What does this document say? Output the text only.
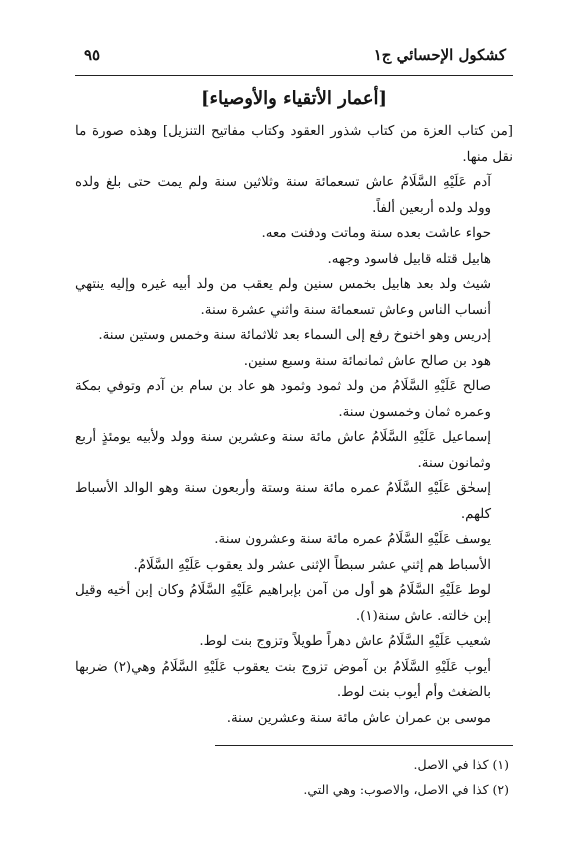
كشكول الإحسائي ج١
٩٥
[أعمار الأتقياء والأوصياء]

[من كتاب العزة من كتاب شذور العقود وكتاب مفاتيح التنزيل] وهذه صورة ما نقل منها.

آدم عَلَيْهِ السَّلَامُ عاش تسعمائة سنة وثلاثين سنة ولم يمت حتى بلغ ولده وولد ولده أربعين ألفاً.

حواء عاشت بعده سنة وماتت ودفنت معه.

هابيل قتله قابيل فاسود وجهه.

شيث ولد بعد هابيل بخمس سنين ولم يعقب من ولد أبيه غيره وإليه ينتهي أنساب الناس وعاش تسعمائة سنة واثني عشرة سنة.

إدريس وهو اخنوخ رفع إلى السماء بعد ثلاثمائة سنة وخمس وستين سنة.

هود بن صالح عاش ثمانمائة سنة وسبع سنين.

صالح عَلَيْهِ السَّلَامُ من ولد ثمود وثمود هو عاد بن سام بن آدم وتوفي بمكة وعمره ثمان وخمسون سنة.

إسماعيل عَلَيْهِ السَّلَامُ عاش مائة سنة وعشرين سنة وولد ولأبيه يومئذٍ أربع وثمانون سنة.

إسحٰق عَلَيْهِ السَّلَامُ عمره مائة سنة وستة وأربعون سنة وهو الوالد الأسباط كلهم.

يوسف عَلَيْهِ السَّلَامُ عمره مائة سنة وعشرون سنة.

الأسباط هم إثني عشر سبطاً الإثنى عشر ولد يعقوب عَلَيْهِ السَّلَامُ.

لوط عَلَيْهِ السَّلَامُ هو أول من آمن بإبراهيم عَلَيْهِ السَّلَامُ وكان إبن أخيه وقيل إبن خالته. عاش سنة(١).

شعيب عَلَيْهِ السَّلَامُ عاش دهراً طويلاً وتزوج بنت لوط.

أيوب عَلَيْهِ السَّلَامُ بن آموض تزوج بنت يعقوب عَلَيْهِ السَّلَامُ وهي(٢) ضربها بالضغث وأم أيوب بنت لوط.

موسى بن عمران عاش مائة سنة وعشرين سنة.

(١) كذا في الاصل.

(٢) كذا في الاصل، والاصوب: وهي التي.
